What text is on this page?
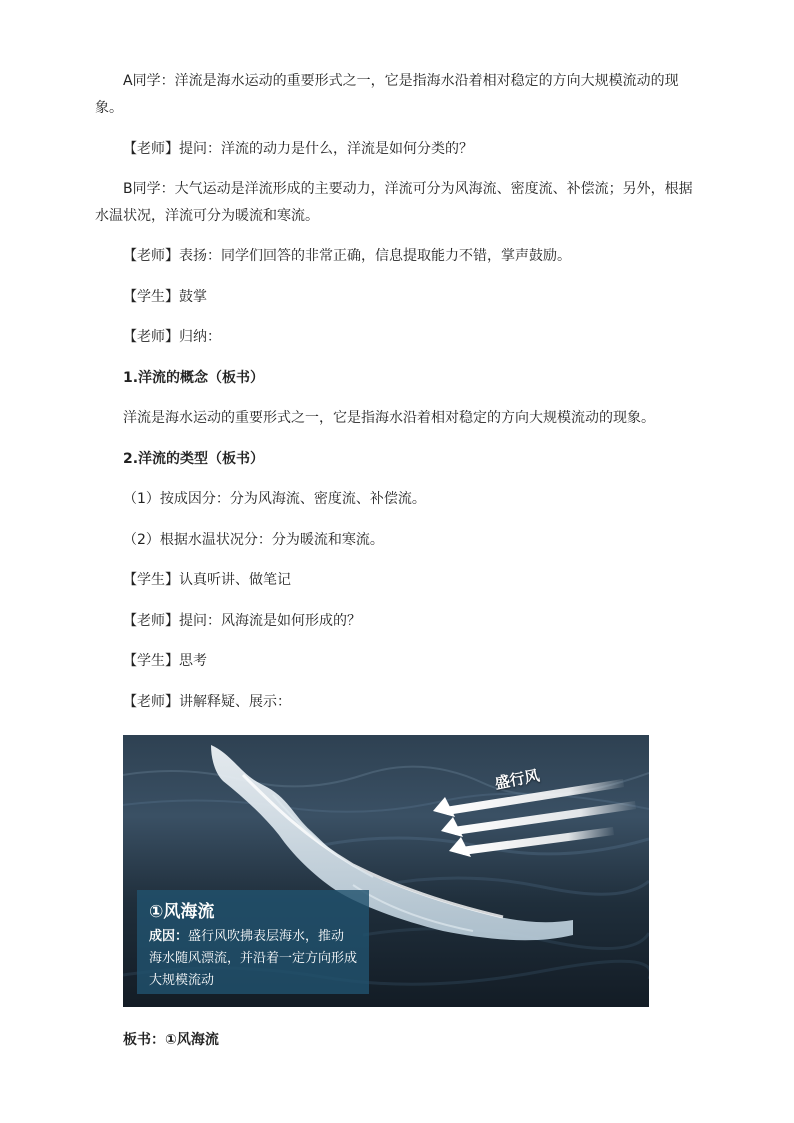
A同学：洋流是海水运动的重要形式之一，它是指海水沿着相对稳定的方向大规模流动的现象。

【老师】提问：洋流的动力是什么，洋流是如何分类的？

B同学：大气运动是洋流形成的主要动力，洋流可分为风海流、密度流、补偿流；另外，根据水温状况，洋流可分为暖流和寒流。

【老师】表扬：同学们回答的非常正确，信息提取能力不错，掌声鼓励。

【学生】鼓掌

【老师】归纳：

1.洋流的概念（板书）

洋流是海水运动的重要形式之一，它是指海水沿着相对稳定的方向大规模流动的现象。

2.洋流的类型（板书）

（1）按成因分：分为风海流、密度流、补偿流。

（2）根据水温状况分：分为暖流和寒流。

【学生】认真听讲、做笔记

【老师】提问：风海流是如何形成的？

【学生】思考

【老师】讲解释疑、展示：

盛行风
①风海流
成因：盛行风吹拂表层海水，推动海水随风漂流，并沿着一定方向形成大规模流动

板书：①风海流
